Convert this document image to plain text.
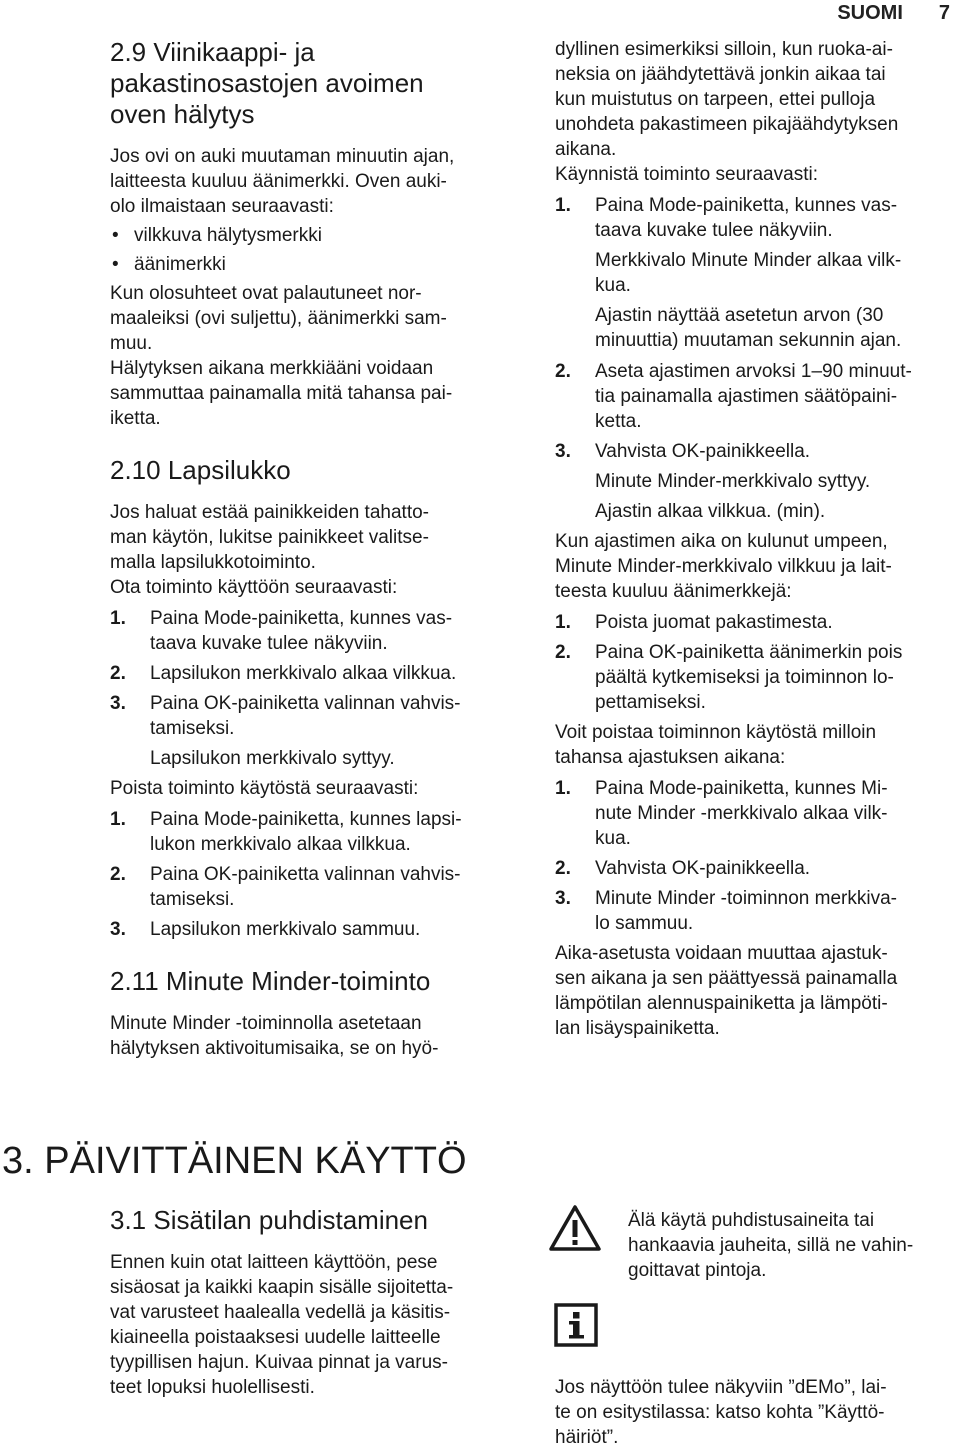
SUOMI 7
2.9 Viinikaappi- ja
pakastinosastojen avoimen
oven hälytys

Jos ovi on auki muutaman minuutin ajan,
laitteesta kuuluu äänimerkki. Oven auki-
olo ilmaistaan seuraavasti:

• vilkkuva hälytysmerkki
• äänimerkki

Kun olosuhteet ovat palautuneet nor-
maaleiksi (ovi suljettu), äänimerkki sam-
muu.

Hälytyksen aikana merkkiääni voidaan
sammuttaa painamalla mitä tahansa pai-
iketta.

2.10 Lapsilukko

Jos haluat estää painikkeiden tahatto-
man käytön, lukitse painikkeet valitse-
malla lapsilukkotoiminto.

Ota toiminto käyttöön seuraavasti:

1. Paina Mode-painiketta, kunnes vas-
taava kuvake tulee näkyviin.
2. Lapsilukon merkkivalo alkaa vilkkua.
3. Paina OK-painiketta valinnan vahvis-
tamiseksi.

Lapsilukon merkkivalo syttyy.

Poista toiminto käytöstä seuraavasti:

1. Paina Mode-painiketta, kunnes lapsi-
lukon merkkivalo alkaa vilkkua.
2. Paina OK-painiketta valinnan vahvis-
tamiseksi.
3. Lapsilukon merkkivalo sammuu.
2.11 Minute Minder-toiminto

Minute Minder -toiminnolla asetetaan
hälytyksen aktivoitumisaika, se on hyö-

dyllinen esimerkiksi silloin, kun ruoka-ai-
neksia on jäähdytettävä jonkin aikaa tai
kun muistutus on tarpeen, ettei pulloja
unohdeta pakastimeen pikajäähdytyksen
aikana.

Käynnistä toiminto seuraavasti:

1. Paina Mode-painiketta, kunnes vas-
taava kuvake tulee näkyviin.

Merkkivalo Minute Minder alkaa vilk-
kua.

Ajastin näyttää asetetun arvon (30
minuuttia) muutaman sekunnin ajan.

2. Aseta ajastimen arvoksi 1–90 minuut-
tia painamalla ajastimen säätöpaini-
ketta.
3. Vahvista OK-painikkeella.

Minute Minder-merkkivalo syttyy.

Ajastin alkaa vilkkua. (min).

Kun ajastimen aika on kulunut umpeen,
Minute Minder-merkkivalo vilkkuu ja lait-
teesta kuuluu äänimerkkejä:

1. Poista juomat pakastimesta.
2. Paina OK-painiketta äänimerkin pois
päältä kytkemiseksi ja toiminnon lo-
pettamiseksi.

Voit poistaa toiminnon käytöstä milloin
tahansa ajastuksen aikana:

1. Paina Mode-painiketta, kunnes Mi-
nute Minder -merkkivalo alkaa vilk-
kua.
2. Vahvista OK-painikkeella.
3. Minute Minder -toiminnon merkkiva-
lo sammuu.

Aika-asetusta voidaan muuttaa ajastuk-
sen aikana ja sen päättyessä painamalla
lämpötilan alennuspainiketta ja lämpöti-
lan lisäyspainiketta.

3. PÄIVITTÄINEN KÄYTTÖ
3.1 Sisätilan puhdistaminen

Ennen kuin otat laitteen käyttöön, pese
sisäosat ja kaikki kaapin sisälle sijoitetta-
vat varusteet haalealla vedellä ja käsitis-
kiaineella poistaaksesi uudelle laitteelle
tyypillisen hajun. Kuivaa pinnat ja varus-
teet lopuksi huolellisesti.

Älä käytä puhdistusaineita tai
hankaavia jauheita, sillä ne vahin-
goittavat pintoja.

Jos näyttöön tulee näkyviin ”dEMo”, lai-
te on esitystilassa: katso kohta ”Käyttö-
häiriöt”.
